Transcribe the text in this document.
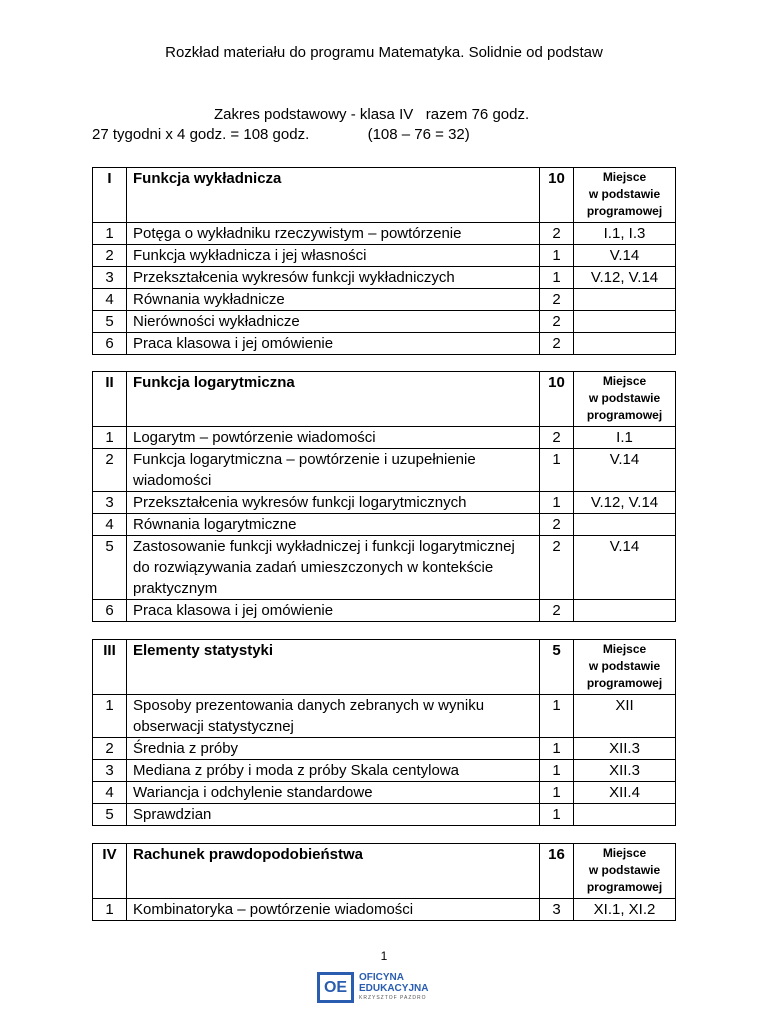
Rozkład materiału do programu Matematyka. Solidnie od podstaw
Zakres podstawowy - klasa IV   razem 76 godz.
27 tygodni x 4 godz. = 108 godz.              (108 – 76 = 32)
I	Funkcja wykładnicza	10	Miejsce
w podstawie
programowej

1	Potęga o wykładniku rzeczywistym – powtórzenie	2	I.1, I.3
2	Funkcja wykładnicza i jej własności	1	V.14
3	Przekształcenia wykresów funkcji wykładniczych	1	V.12, V.14
4	Równania wykładnicze	2	
5	Nierówności wykładnicze	2	
6	Praca klasowa i jej omówienie	2	
II	Funkcja logarytmiczna	10	Miejsce
w podstawie
programowej

1	Logarytm – powtórzenie wiadomości	2	I.1
2	Funkcja logarytmiczna – powtórzenie i uzupełnienie wiadomości	1	V.14
3	Przekształcenia wykresów funkcji logarytmicznych	1	V.12, V.14
4	Równania logarytmiczne	2	
5	Zastosowanie funkcji wykładniczej i funkcji logarytmicznej do rozwiązywania zadań umieszczonych w kontekście praktycznym	2	V.14
6	Praca klasowa i jej omówienie	2	
III	Elementy statystyki	5	Miejsce
w podstawie
programowej

1	Sposoby prezentowania danych zebranych w wyniku obserwacji statystycznej	1	XII
2	Średnia z próby	1	XII.3
3	Mediana z próby i moda z próby Skala centylowa	1	XII.3
4	Wariancja i odchylenie standardowe	1	XII.4
5	Sprawdzian	1	
IV	Rachunek prawdopodobieństwa	16	Miejsce
w podstawie
programowej

1	Kombinatoryka – powtórzenie wiadomości	3	XI.1, XI.2
1
OE
OFICYNA
EDUKACYJNA
KRZYSZTOF PAZDRO
